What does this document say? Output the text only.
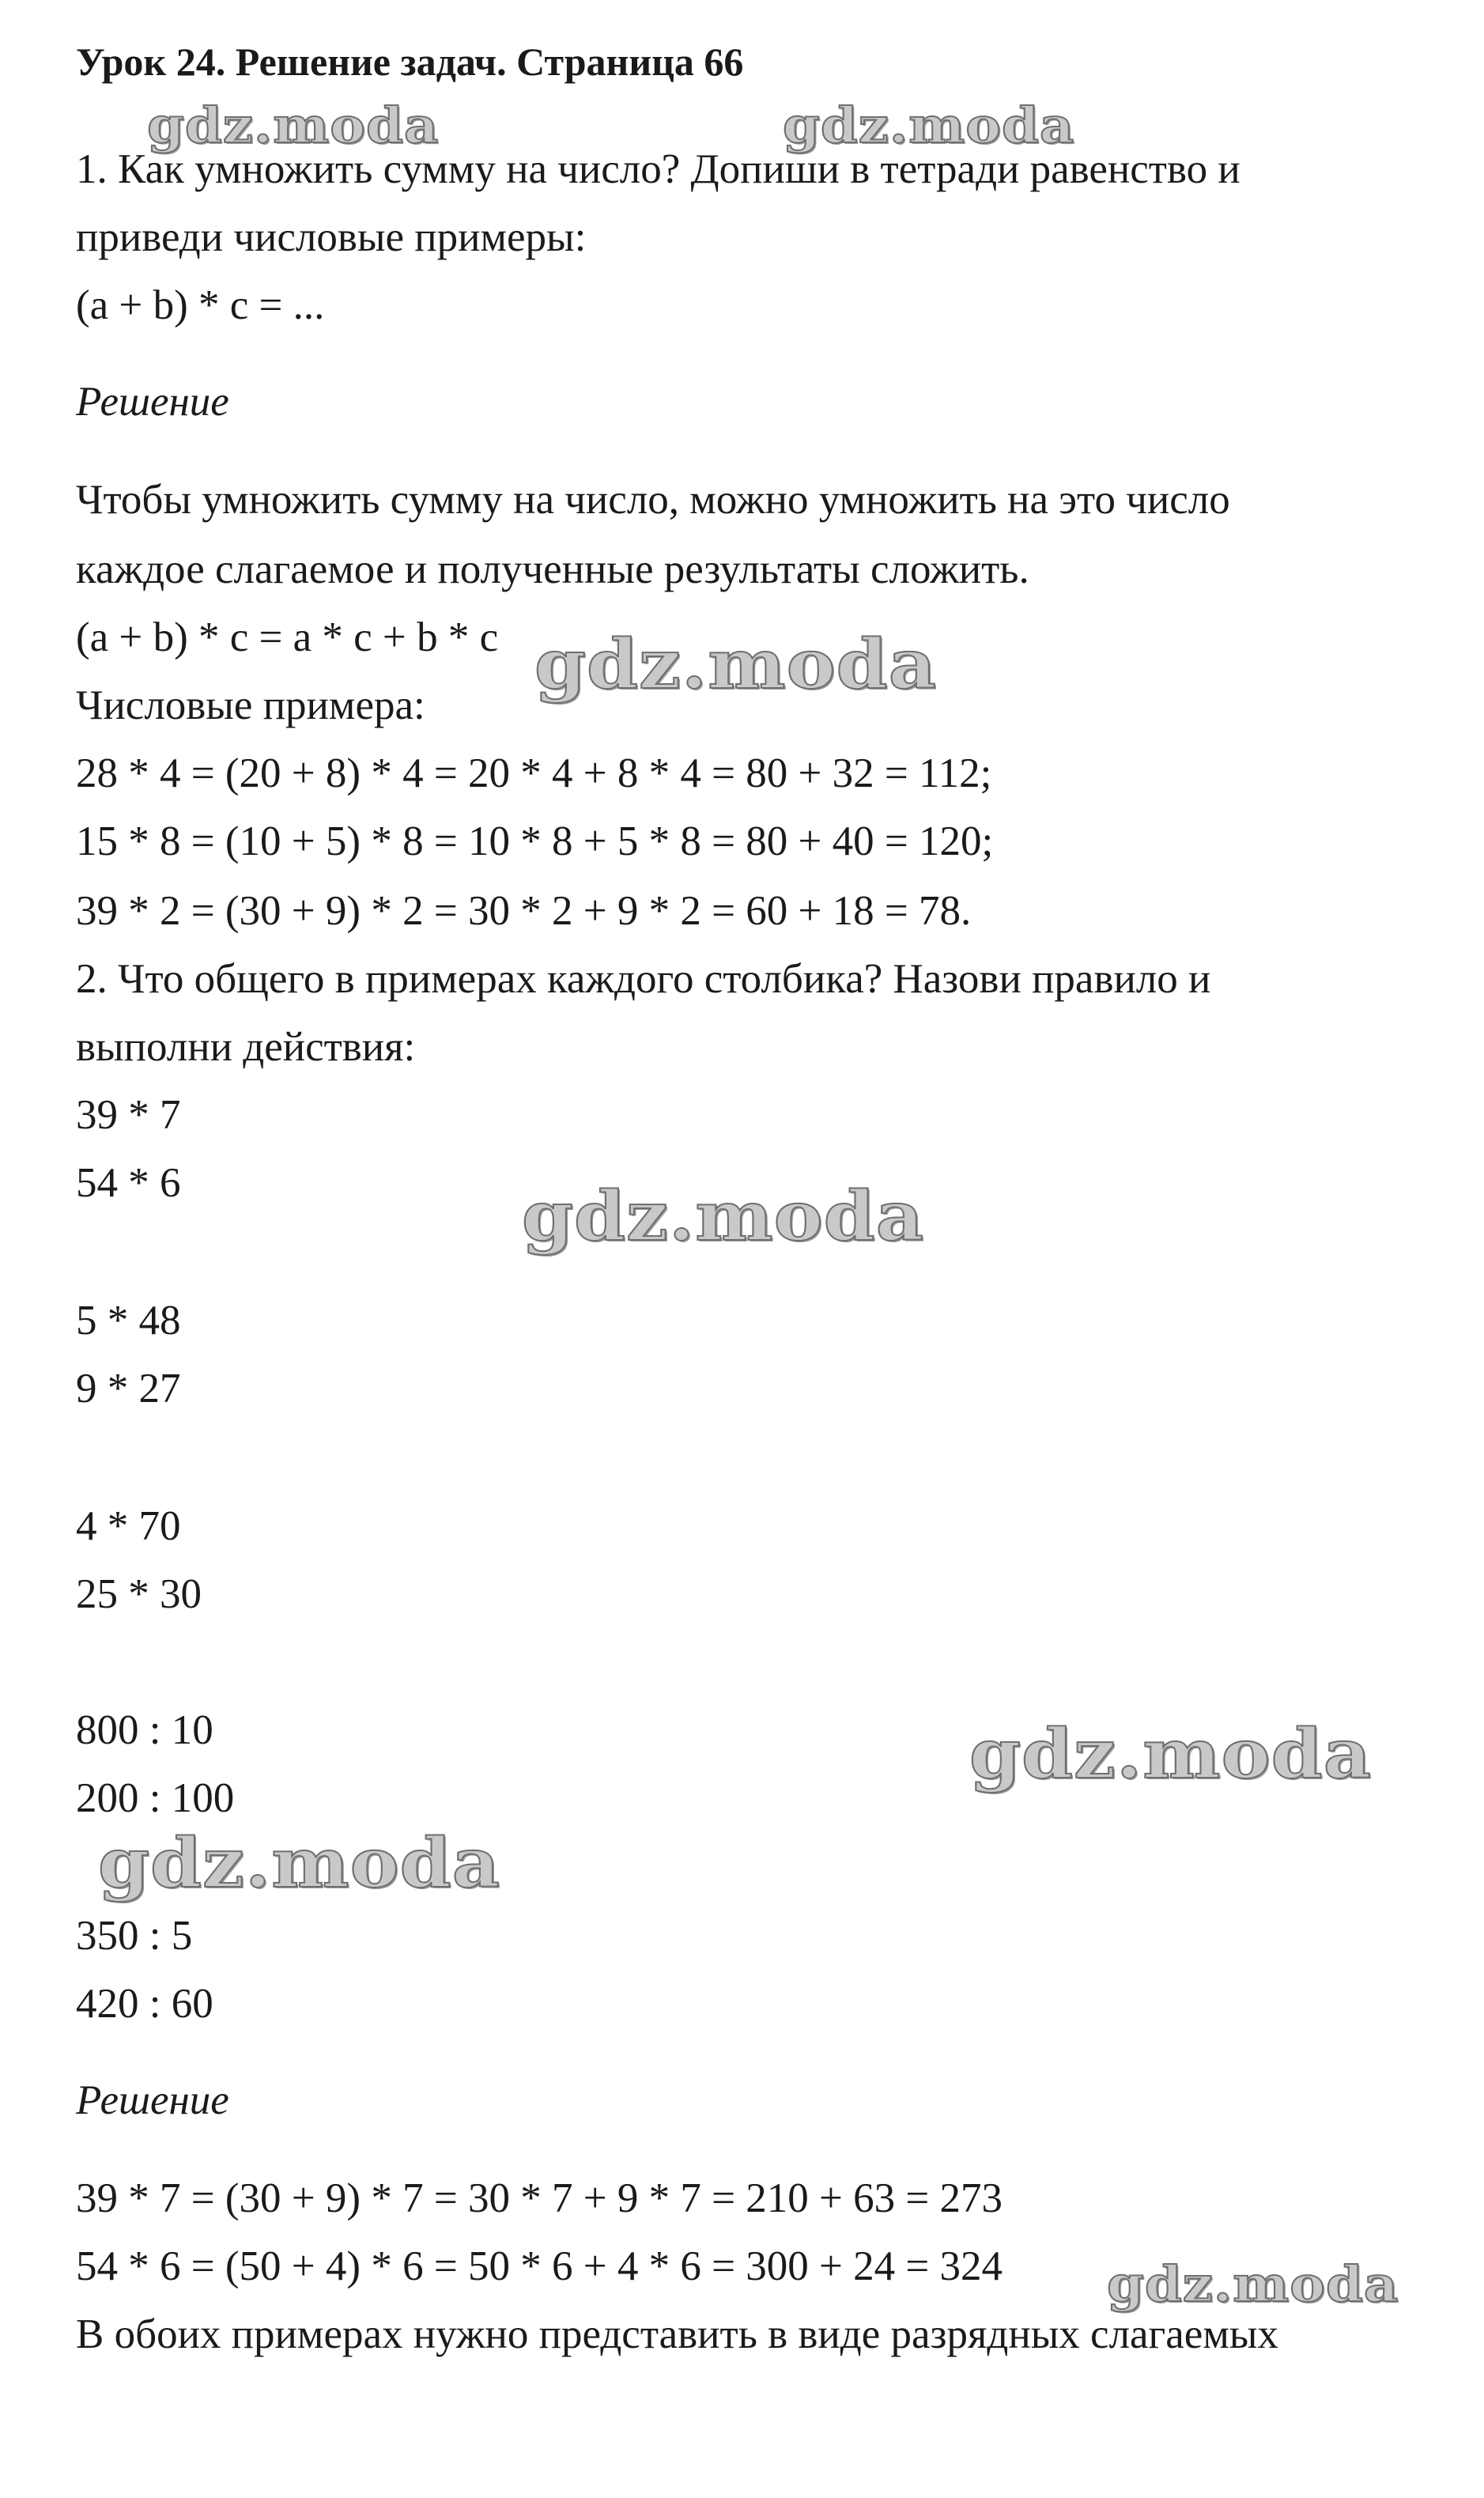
Урок 24. Решение задач. Страница 66
1. Как умножить сумму на число? Допиши в тетради равенство и
приведи числовые примеры:
(a + b) * c = ...
Решение
Чтобы умножить сумму на число, можно умножить на это число
каждое слагаемое и полученные результаты сложить.
(a + b) * c = a * c + b * c
Числовые примера:
28 * 4 = (20 + 8) * 4 = 20 * 4 + 8 * 4 = 80 + 32 = 112;
15 * 8 = (10 + 5) * 8 = 10 * 8 + 5 * 8 = 80 + 40 = 120;
39 * 2 = (30 + 9) * 2 = 30 * 2 + 9 * 2 = 60 + 18 = 78.
2. Что общего в примерах каждого столбика? Назови правило и
выполни действия:
39 * 7
54 * 6
5 * 48
9 * 27
4 * 70
25 * 30
800 : 10
200 : 100
350 : 5
420 : 60
Решение
39 * 7 = (30 + 9) * 7 = 30 * 7 + 9 * 7 = 210 + 63 = 273
54 * 6 = (50 + 4) * 6 = 50 * 6 + 4 * 6 = 300 + 24 = 324
В обоих примерах нужно представить в виде разрядных слагаемых
gdz.moda	gdz.moda
gdz.moda
gdz.moda
gdz.moda
gdz.moda
gdz.moda
